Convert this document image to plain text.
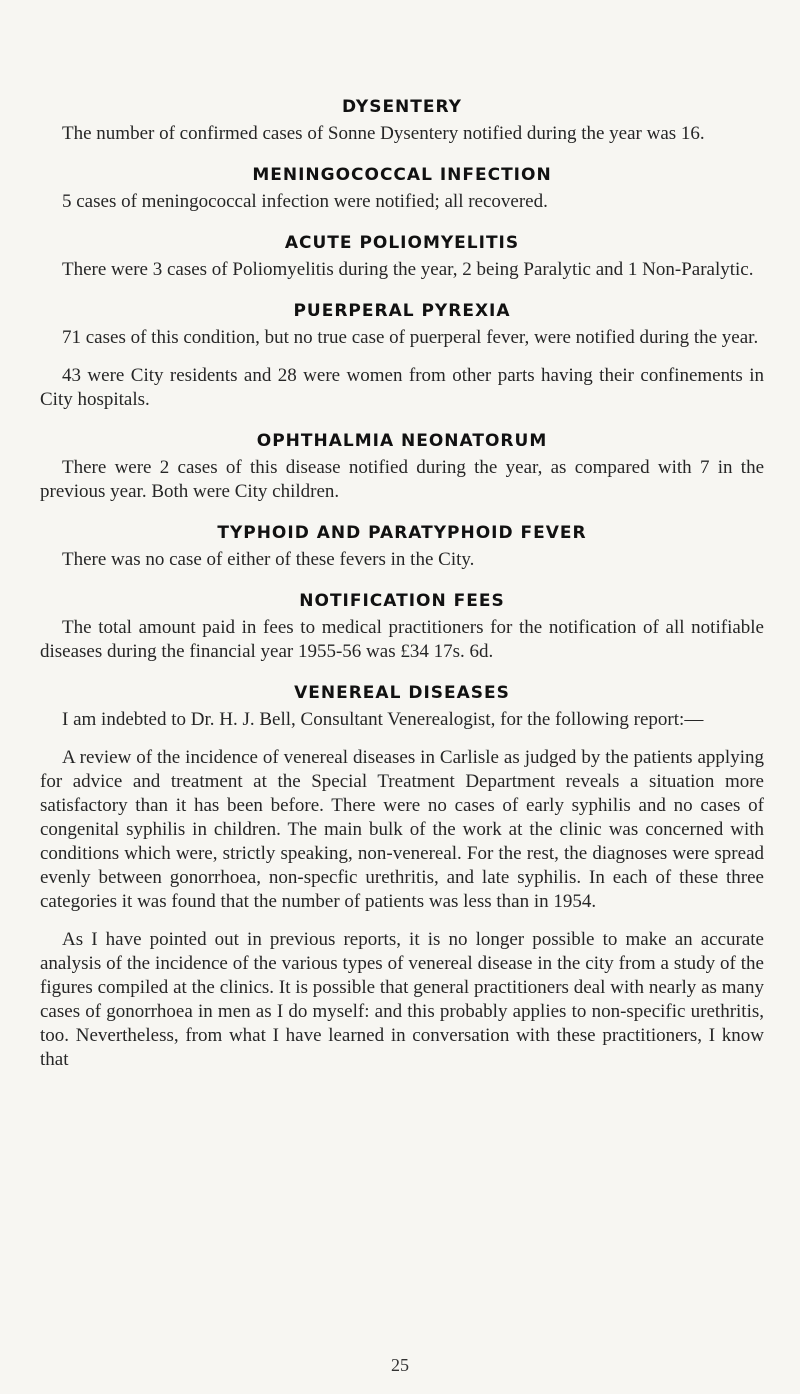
DYSENTERY

The number of confirmed cases of Sonne Dysentery notified during the year was 16.

MENINGOCOCCAL INFECTION

5 cases of meningococcal infection were notified; all recovered.

ACUTE POLIOMYELITIS

There were 3 cases of Poliomyelitis during the year, 2 being Paralytic and 1 Non-Paralytic.

PUERPERAL PYREXIA

71 cases of this condition, but no true case of puerperal fever, were notified during the year.

43 were City residents and 28 were women from other parts having their confinements in City hospitals.

OPHTHALMIA NEONATORUM

There were 2 cases of this disease notified during the year, as compared with 7 in the previous year. Both were City children.

TYPHOID AND PARATYPHOID FEVER

There was no case of either of these fevers in the City.

NOTIFICATION FEES

The total amount paid in fees to medical practitioners for the notification of all notifiable diseases during the financial year 1955-56 was £34 17s. 6d.

VENEREAL DISEASES

I am indebted to Dr. H. J. Bell, Consultant Venerealogist, for the following report:—

A review of the incidence of venereal diseases in Carlisle as judged by the patients applying for advice and treatment at the Special Treatment Department reveals a situation more satisfactory than it has been before. There were no cases of early syphilis and no cases of congenital syphilis in children. The main bulk of the work at the clinic was concerned with conditions which were, strictly speaking, non-venereal. For the rest, the diagnoses were spread evenly between gonorrhoea, non-specfic urethritis, and late syphilis. In each of these three categories it was found that the number of patients was less than in 1954.

As I have pointed out in previous reports, it is no longer possible to make an accurate analysis of the incidence of the various types of venereal disease in the city from a study of the figures compiled at the clinics. It is possible that general practitioners deal with nearly as many cases of gonorrhoea in men as I do myself: and this probably applies to non-specific urethritis, too. Nevertheless, from what I have learned in conversation with these practitioners, I know that

25
